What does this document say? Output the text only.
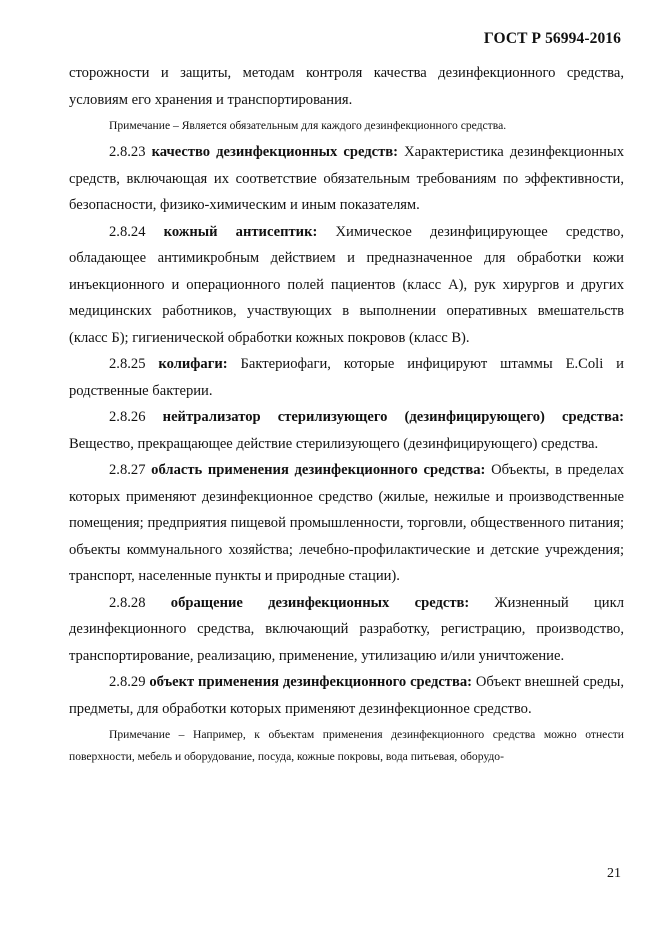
ГОСТ Р 56994-2016

сторожности и защиты, методам контроля качества дезинфекционного средства, условиям его хранения и транспортирования.

Примечание – Является обязательным для каждого дезинфекционного средства.

2.8.23 качество дезинфекционных средств: Характеристика дезинфекционных средств, включающая их соответствие обязательным требованиям по эффективности, безопасности, физико-химическим и иным показателям.

2.8.24 кожный антисептик: Химическое дезинфицирующее средство, обладающее антимикробным действием и предназначенное для обработки кожи инъекционного и операционного полей пациентов (класс А), рук хирургов и других медицинских работников, участвующих в выполнении оперативных вмешательств (класс Б); гигиенической обработки кожных покровов (класс В).

2.8.25 колифаги: Бактериофаги, которые инфицируют штаммы E.Coli и родственные бактерии.

2.8.26 нейтрализатор стерилизующего (дезинфицирующего) средства: Вещество, прекращающее действие стерилизующего (дезинфицирующего) средства.

2.8.27 область применения дезинфекционного средства: Объекты, в пределах которых применяют дезинфекционное средство (жилые, нежилые и производственные помещения; предприятия пищевой промышленности, торговли, общественного питания; объекты коммунального хозяйства; лечебно-профилактические и детские учреждения; транспорт, населенные пункты и природные стации).

2.8.28 обращение дезинфекционных средств: Жизненный цикл дезинфекционного средства, включающий разработку, регистрацию, производство, транспортирование, реализацию, применение, утилизацию и/или уничтожение.

2.8.29 объект применения дезинфекционного средства: Объект внешней среды, предметы, для обработки которых применяют дезинфекционное средство.

Примечание – Например, к объектам применения дезинфекционного средства можно отнести поверхности, мебель и оборудование, посуда, кожные покровы, вода питьевая, оборудо-

21
